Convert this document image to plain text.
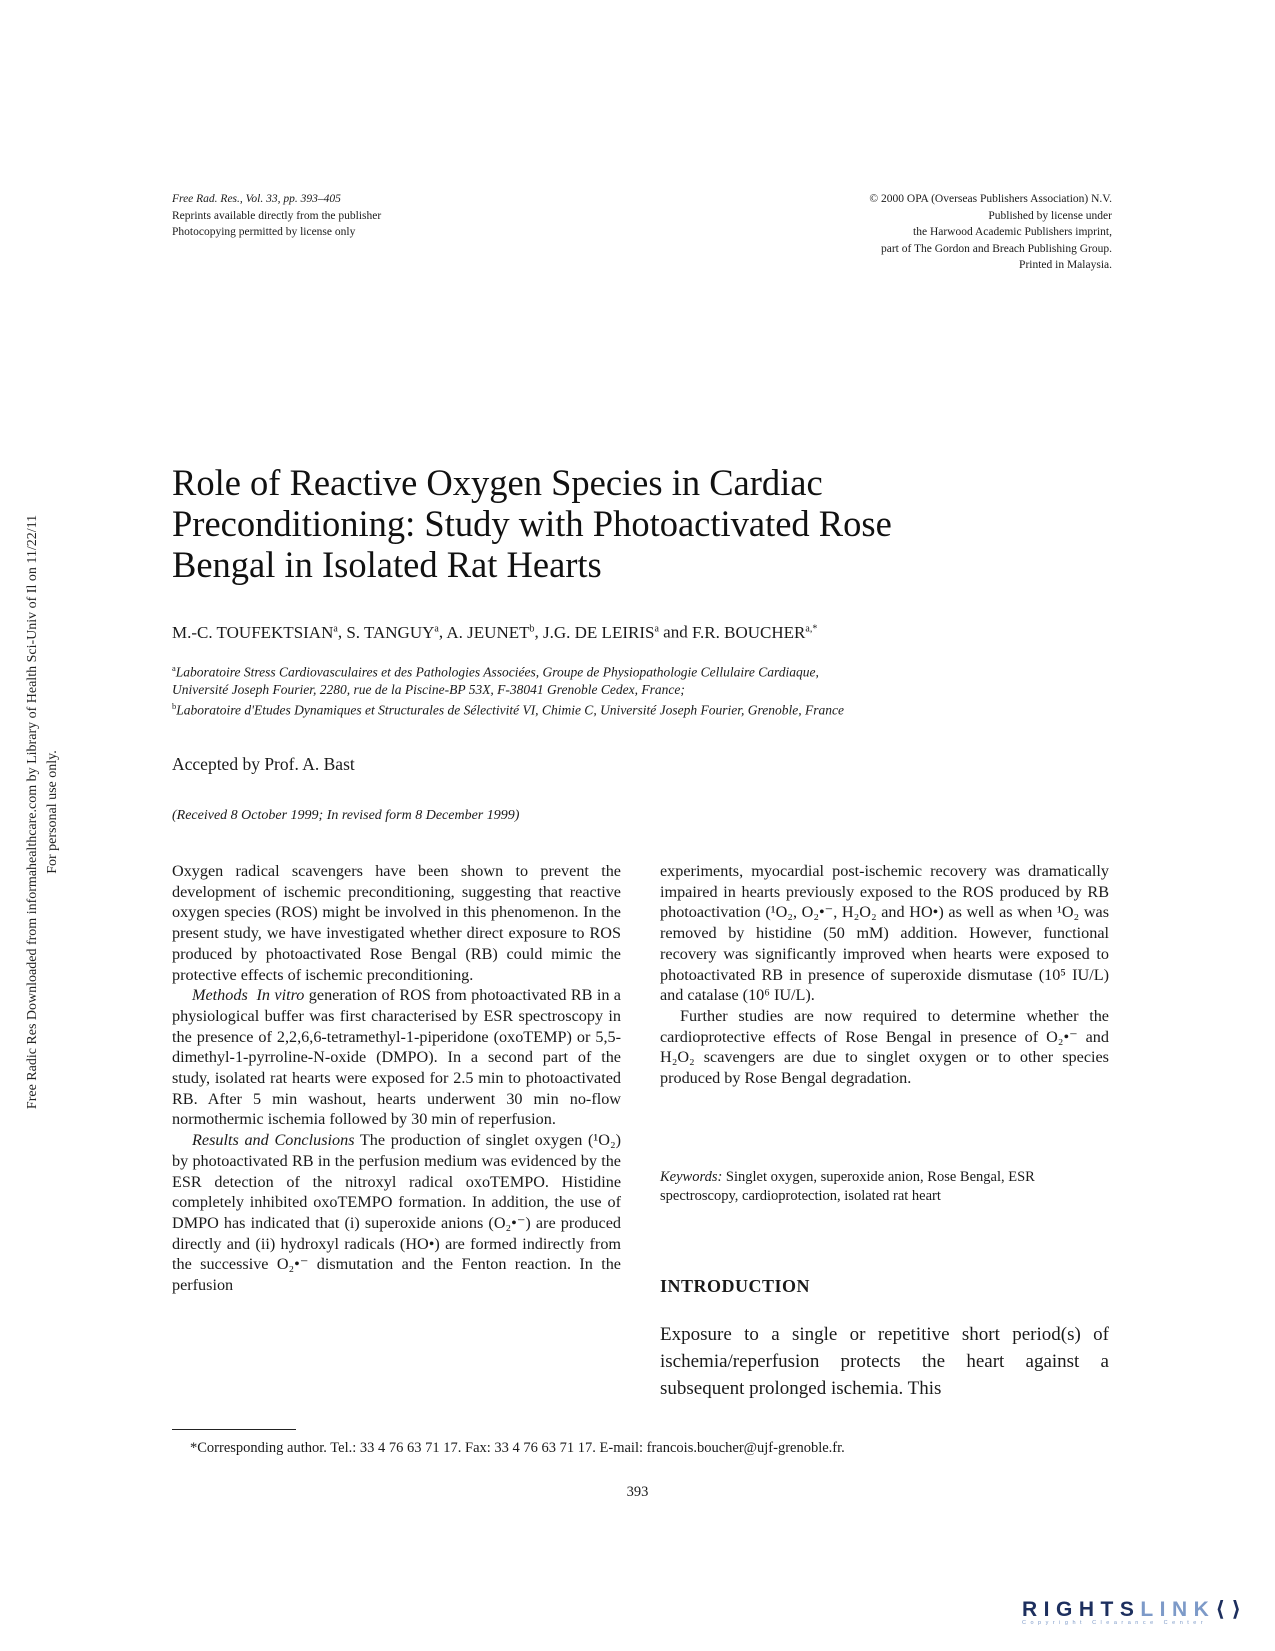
Free Rad. Res., Vol. 33, pp. 393–405
Reprints available directly from the publisher
Photocopying permitted by license only
© 2000 OPA (Overseas Publishers Association) N.V.
Published by license under
the Harwood Academic Publishers imprint,
part of The Gordon and Breach Publishing Group.
Printed in Malaysia.
Free Radic Res Downloaded from informahealthcare.com by Library of Health Sci-Univ of Il on 11/22/11 For personal use only.
Role of Reactive Oxygen Species in Cardiac
Preconditioning: Study with Photoactivated Rose
Bengal in Isolated Rat Hearts
M.-C. TOUFEKTSIAN$^a$, S. TANGUY$^a$, A. JEUNET$^b$, J.G. DE LEIRIS$^a$ and F.R. $BOUCHER^{a,*}$
$^a$Laboratoire Stress Cardiovasculaires et des Pathologies Associées, Groupe de Physiopathologie Cellulaire Cardiaque,
Université Joseph Fourier, 2280, rue de la Piscine-BP 53X, F-38041 Grenoble Cedex, France;
$^b$Laboratoire d'Etudes Dynamiques et Structurales de Sélectivité VI, Chimie C, Université Joseph Fourier, Grenoble, France
Accepted by Prof. A. Bast
(Received 8 October 1999; In revised form 8 December 1999)

Oxygen radical scavengers have been shown to prevent the development of ischemic preconditioning, suggesting that reactive oxygen species (ROS) might be involved in this phenomenon. In the present study, we have investigated whether direct exposure to ROS produced by photoactivated Rose Bengal (RB) could mimic the protective effects of ischemic preconditioning.

Methods In vitro generation of ROS from photoactivated RB in a physiological buffer was first characterised by ESR spectroscopy in the presence of 2,2,6,6-tetramethyl-1-piperidone (oxoTEMP) or 5,5-dimethyl-1-pyrroline-N-oxide (DMPO). In a second part of the study, isolated rat hearts were exposed for 2.5 min to photoactivated RB. After 5 min washout, hearts underwent 30 min no-flow normothermic ischemia followed by 30 min of reperfusion.

Results and Conclusions The production of singlet oxygen (¹O₂) by photoactivated RB in the perfusion medium was evidenced by the ESR detection of the nitroxyl radical oxoTEMPO. Histidine completely inhibited oxoTEMPO formation. In addition, the use of DMPO has indicated that (i) superoxide anions (O₂•⁻) are produced directly and (ii) hydroxyl radicals (HO•) are formed indirectly from the successive O₂•⁻ dismutation and the Fenton reaction. In the perfusion

experiments, myocardial post-ischemic recovery was dramatically impaired in hearts previously exposed to the ROS produced by RB photoactivation (¹O₂, O₂•⁻, H₂O₂ and HO•) as well as when ¹O₂ was removed by histidine (50 mM) addition. However, functional recovery was significantly improved when hearts were exposed to photoactivated RB in presence of superoxide dismutase (10⁵ IU/L) and catalase (10⁶ IU/L).

Further studies are now required to determine whether the cardioprotective effects of Rose Bengal in presence of O₂•⁻ and H₂O₂ scavengers are due to singlet oxygen or to other species produced by Rose Bengal degradation.

Keywords: Singlet oxygen, superoxide anion, Rose Bengal, ESR spectroscopy, cardioprotection, isolated rat heart
INTRODUCTION
Exposure to a single or repetitive short period(s) of ischemia/reperfusion protects the heart against a subsequent prolonged ischemia. This
*Corresponding author. Tel.: 33 4 76 63 71 17. Fax: 33 4 76 63 71 17. E-mail: francois.boucher@ujf-grenoble.fr.
393
RIGHTSLINK⟨⟩
Copyright Clearance Center
